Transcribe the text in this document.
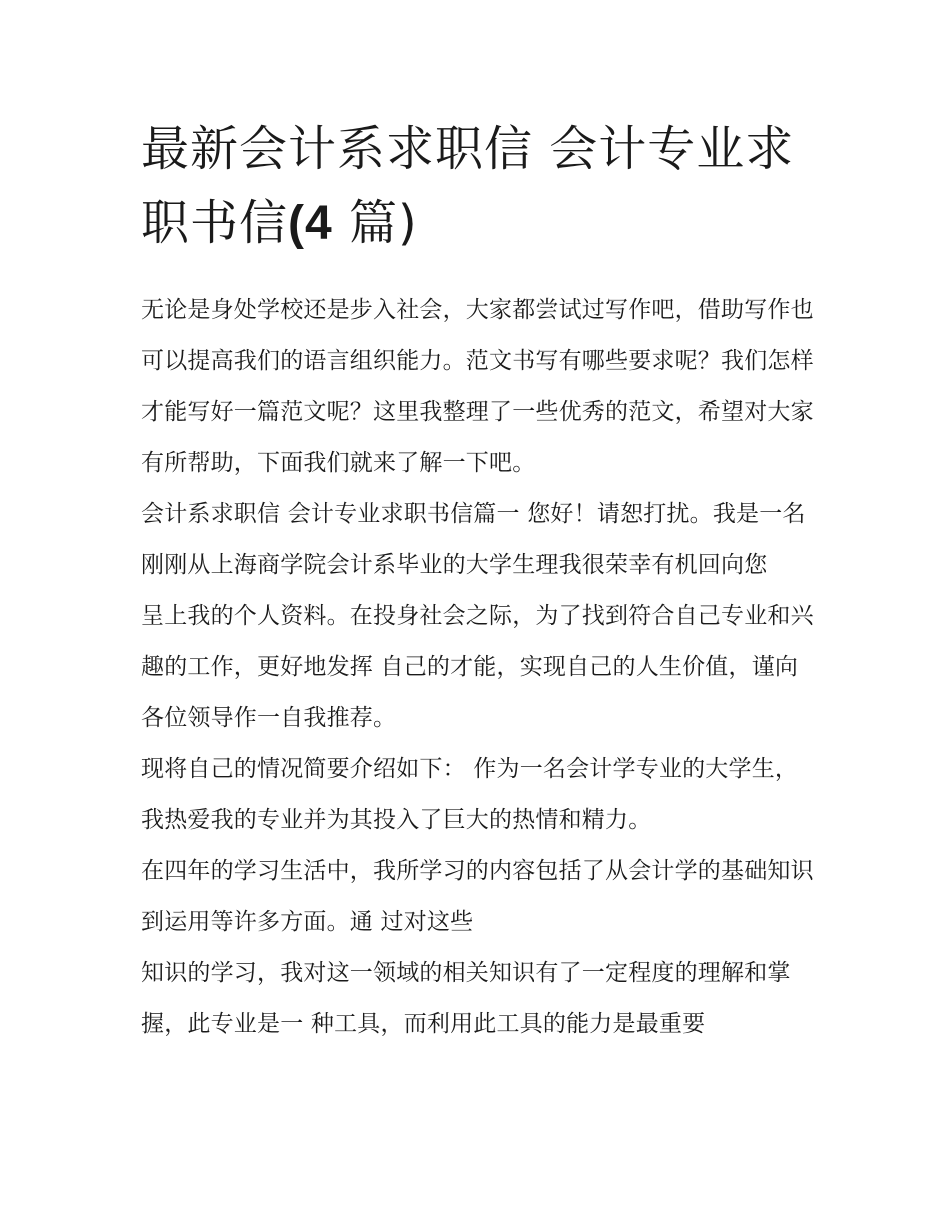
最新会计系求职信 会计专业求
职书信(4 篇)

无论是身处学校还是步入社会，大家都尝试过写作吧，借助写作也可以提高我们的语言组织能力。范文书写有哪些要求呢？我们怎样才能写好一篇范文呢？这里我整理了一些优秀的范文，希望对大家有所帮助，下面我们就来了解一下吧。

会计系求职信 会计专业求职书信篇一 您好！请恕打扰。我是一名刚刚从上海商学院会计系毕业的大学生理我很荣幸有机回向您

呈上我的个人资料。在投身社会之际，为了找到符合自己专业和兴趣的工作，更好地发挥 自己的才能，实现自己的人生价值，谨向各位领导作一自我推荐。

现将自己的情况简要介绍如下： 作为一名会计学专业的大学生，我热爱我的专业并为其投入了巨大的热情和精力。

在四年的学习生活中，我所学习的内容包括了从会计学的基础知识到运用等许多方面。通 过对这些

知识的学习，我对这一领域的相关知识有了一定程度的理解和掌握，此专业是一 种工具，而利用此工具的能力是最重要
